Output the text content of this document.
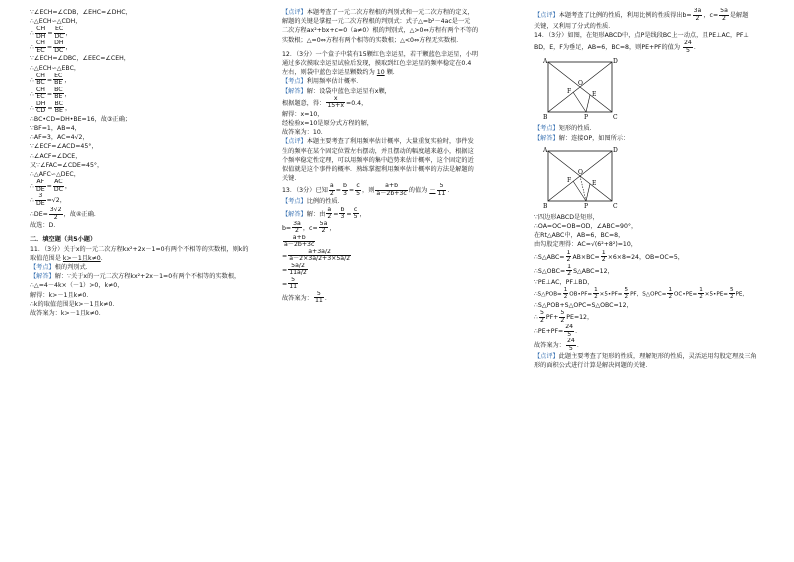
∵∠ECH=∠CDB，∠EHC=∠DHC，
∴△ECH∽△CDH，
∴ $\frac{CH}{DH} = \frac{EC}{DC}$ ，
∴ $\frac{CH}{EC} = \frac{DH}{DC}$ ，
∵∠ECH=∠DBC，∠EEC=∠CEH，
∴△ECH∽△EBC，
∴ $\frac{CH}{BC} = \frac{EC}{BE}$ ，
∴ $\frac{CH}{EC} = \frac{BC}{BE}$ ，
∴ $\frac{DH}{CD} = \frac{BC}{BE}$ ，
∴BC•CD=DH•BE=16，故③正确；
∵BF=1，AB=4，
∴AF=3，AC=4√2，
∵∠ECF=∠ACD=45°，
∴∠ACF=∠DCE，
又∵∠FAC=∠CDE=45°，
∴△AFC∽△DEC，
∴ $\frac{AF}{DE} = \frac{AC}{DC}$ ，
∴ $\frac{3}{DE} =√2$，
∴DE= $\frac{3√2}{2}$ ，故④正确．
故选：D．
二．填空题（共5小题）
11．（3分）关于x的一元二次方程kx²+2x－1=0有两个不相等的实数根，则k的
取值范围是 k>－1且k≠0．
【考点】根的判别式．
【解答】解：∵关于x的一元二次方程kx²+2x－1=0有两个不相等的实数根，
∴△=4－4k×（－1）>0，k≠0，
解得：k>－1且k≠0．
∴k的取值范围是k>－1且k≠0．
故答案为：k>－1且k≠0．
【点评】本题考查了一元二次方程根的判别式和一元二次方程的定义，
解题的关键是掌握一元二次方程根的判别式：式子△=b²－4ac是一元
二次方程ax²+bx+c=0（a≠0）根的判别式，△>0⇔方程有两个不等的
实数根；△=0⇔方程有两个相等的实数根；△<0⇔方程无实数根．
12．（3分）一个盒子中装有15颗红色幸运星，若干颗蓝色幸运星，小明
通过多次摸取幸运星试验后发现，摸取到红色幸运星的频率稳定在0.4
左右，则袋中蓝色幸运星颗数约为 10 颗．
【考点】利用频率估计概率．
【解答】解：设袋中蓝色幸运星有x颗，
根据题意，得： $\frac{x}{15+x} =0.4$，
解得：x=10，
经检验x=10是原分式方程的解，
故答案为：10．
【点评】本题主要考查了利用频率估计概率，大量重复实验时，事件发
生的频率在某个固定位置左右摆动，并且摆动的幅度越来越小，根据这
个频率稳定性定理，可以用频率的集中趋势来估计概率，这个固定的近
似值就是这个事件的概率．熟练掌握利用频率估计概率的方法是解题的
关键．
13．（3分）已知 $\frac{a}{2} = \frac{b}{3} = \frac{c}{5}$ ，则 $\frac{a+b}{a-2b+3c}$ 的值为 － $\frac{5}{11}$ ．
【考点】比例的性质．
【解答】解：由 $\frac{a}{2} = \frac{b}{3} = \frac{c}{5}$ ，
$b= \frac{3a}{2}$ ，$c= \frac{5a}{2}$ ，
$\frac{a+b}{a-2b+3c}$
= $\frac{a+3a/2}{a-2\times 3a/2+3\times 5a/2}$
= $\frac{5a/2}{11a/2}$
= $\frac{5}{11}$
故答案为： $\frac{5}{11}$ ．
【点评】本题考查了比例的性质，利用比例的性质得出$b= \frac{3a}{2}$ ，$c= \frac{5a}{2}$ 是解题
关键，又利用了分式的性质．
14．（3分）如图，在矩形ABCD中，点P是线段BC上一动点，且PE⊥AC，PF⊥
BD，E，F为垂足，AB=6，BC=8，则PE+PF的值为 $\frac{24}{5}$ ．
A	D
B	P	C
O
E
F
【考点】矩形的性质．
【解答】解：连接OP，如图所示：
A	D
B	P	C
O
E
F
∵四边形ABCD是矩形，
∴OA=OC=OB=OD，∠ABC=90°，
在Rt△ABC中，AB=6，BC=8，
由勾股定理得：AC=√(6²+8²)=10，
∴S△ABC= $\frac{1}{2} AB\times BC= \frac{1}{2} \times 6\times 8=24$，OB=OC=5，
∴S△OBC= $\frac{1}{2}$ S△ABC=12，
∵PE⊥AC，PF⊥BD，
∴S△POB= $\frac{1}{2}$ OB•PF= $\frac{1}{2}$ ×5•PF= $\frac{5}{2}$ PF，S△OPC= $\frac{1}{2}$ OC•PE= $\frac{1}{2}$ ×5•PE= $\frac{5}{2}$ PE，
∴S△POB+S△OPC=S△OBC=12，
∴ $\frac{5}{2} PF+ \frac{5}{2} PE=12$，
∴PE+PF= $\frac{24}{5}$ ．
故答案为： $\frac{24}{5}$ ．
【点评】此题主要考查了矩形的性质，理解矩形的性质，灵活运用勾股定理及三角
形的面积公式进行计算是解决问题的关键．
